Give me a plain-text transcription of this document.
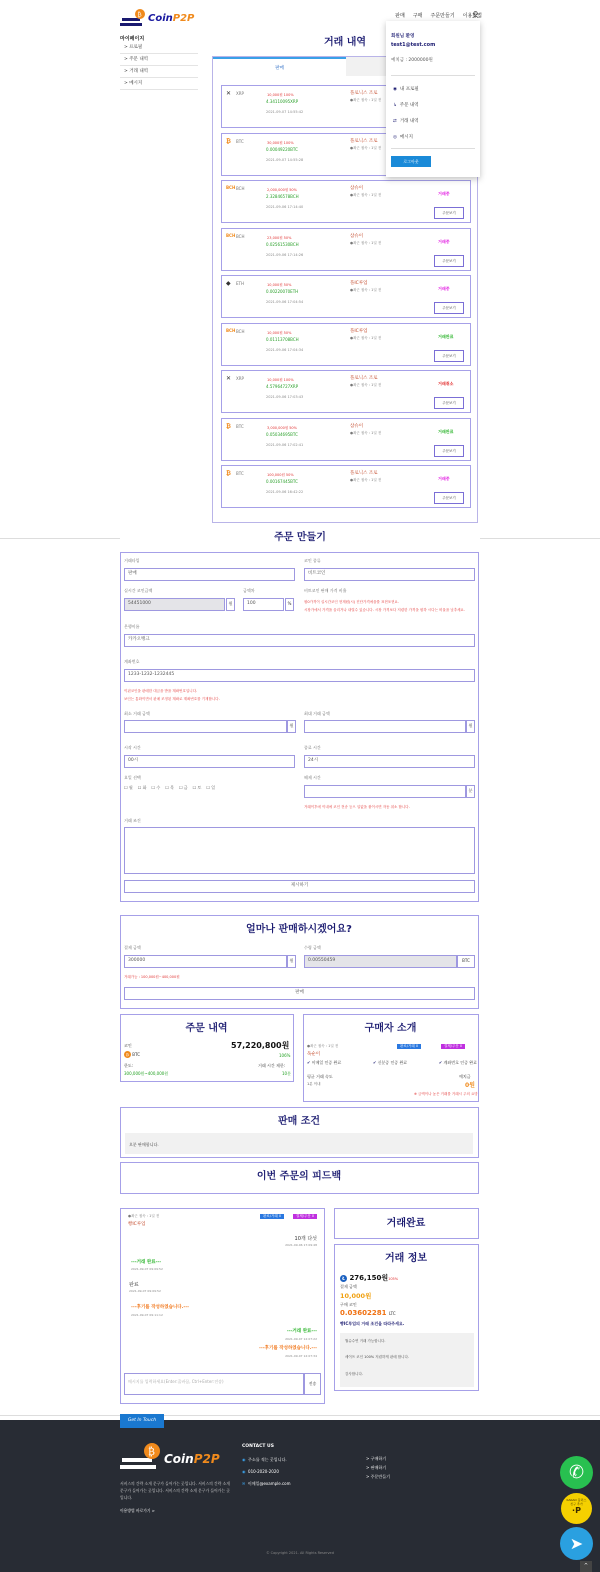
₿ CoinP2P	판매 구매 주문만들기 이용방법
마이페이지
> 프로필
> 주문 내역
> 거래 내역
> 메시지
거래 내역
판매
✕ XRP	10,000원100%
4.34110095XRP
2021-09-07 14:55:42
플로닉스 조로
●최근 접속 : 1일 전
₿ BTC	30,000원100%
0.00049220BTC
2021-09-07 14:55:28
플로닉스 조로
●최근 접속 : 1일 전
BCH BCH	2,000,000원50%
2.32846578BCH
2021-09-06 17:14:40
삼슈이
●최근 접속 : 1일 전	거래중
주문보기
BCH BCH	23,000원50%
0.02561530BCH
2021-09-06 17:14:26
삼슈이
●최근 접속 : 1일 전	거래중
주문보기
◆ ETH	10,000원50%
0.00220070ETH
2021-09-06 17:04:54
플IC루업
●최근 접속 : 1일 전	거래중
주문보기
BCH BCH	10,000원50%
0.01113708BCH
2021-09-06 17:04:34
플IC루업
●최근 접속 : 1일 전	거래완료
주문보기
✕ XRP	10,000원100%
4.57964727XRP
2021-09-06 17:03:43
플로닉스 조로
●최근 접속 : 1일 전	거래취소
주문보기
₿ BTC	3,000,000원50%
0.05034695BTC
2021-09-06 17:02:41
삼슈이
●최근 접속 : 1일 전	거래완료
주문보기
₿ BTC	100,000원50%
0.00167445BTC
2021-09-06 16:42:22
플로닉스 조로
●최근 접속 : 1일 전	거래중
주문보기
회원님 환영
test1@test.com
예치금 : 2000000원
◉ 내 프로필
↳ 주문 내역
⇄ 거래 내역
◎ 메시지
로그아웃
주문 만들기
거래타입
판매
코인 종류
비트코인
실시간 코인금액
54451000	원
금액차
100	%
비트코인 판매 가격 비율
원0가격이 실시간코인 현재원(시) 진단가격에을를 표현포현요.
시장가에서 가격을 올리거나 내릴수 있습니다. 시장 가격보다 저렴한 가격을 원하 시다는 비율을 낮추세요.
은행이름
카카오뱅크
계좌번호
1233-1232-1232445
이핀코인을 판매한 대금을 받을 계좌번호입니다.
보인는 통화이면서 판매 조정된 계좌로 계좌번호를 기재합니다.
최소 거래 금액
원
최대 거래 금액
원
시작 시간
00시
종료 시간
24시
요일 선택
☐ 월 ☐ 화 ☐ 수 ☐ 목 ☐ 금 ☐ 토 ☐ 일
해제 시간
분
거래이후에 이내에 코인 전송 등으 일없을 불이시면 자동 취소 합니다.
거래 조건
제시하기
얼마나 판매하시겠어요?
결제 금액
300000	원
수령 금액
0.00550459	BTC
거래가능 : 100,000원~400,000원
판매
주문 내역
코인	57,220,800원
₿ BTC	106%
한도:	거래 시간 제한:
300,000원~400,000원	10분
구매자 소개
●최근 접속 : 1일 전	완료/거래 0	결제/주문 0
독순이
✔ 이메일 인증 완료	✔ 신분증 인증 완료	✔ 계좌번호 인증 완료
평균 거래 속도	예치금
1분 이내	0원
※ 금액이나 높은 거래를 거래시 주의 요망
판매 조건
오분 판매합니다.
이번 주문의 피드백
●최근 접속 : 1일 전
빵IC루업
완료/거래 0	결제/주문 0
10개 다섯
2021-09-06 17:09:48
---거래 완료---
2021-09-07 09:09:52
완료
2021-09-07 09:09:52
---후기를 작성하였습니다.---
2021-09-07 09:11:12
---거래 완료---
2021-09-07 12:07:22
---후기를 작성하였습니다.---
2021-09-07 12:07:34
메시지를 입력하세요(Enter:줄바꿈, Ctrl+Enter:전송)	전송
거래완료
거래 정보
Ł 276,150원105%
결제 금액
10,000원
구매 코인
0.03602281 LTC
빵IC루업의 거래 조건을 따라주세요.
월슈수연 거래 가능합니다.
세이프 코인 100% 저렴하게 판매 합니다.
감사합니다.
Get In Touch
₿ CoinP2P
서비스의 간략 소개 문구가 들어가는 곳입니다. 서비스의 간략 소개 문구가 들어가는 곳입니다. 서비스의 간략 소개 문구가 들어가는 곳입니다.
이용방법 바로가기 >
CONTACT US
◉ 주소를 적는 곳입니다.
◉ 010-2020-2020
✉ 이메일@example.com
> 구매하기
> 판매하기
> 주문만들기
© Copyright 2021. All Rights Reserved
✆
KAKAO 플러스 친구 추가
·P
➤
^
